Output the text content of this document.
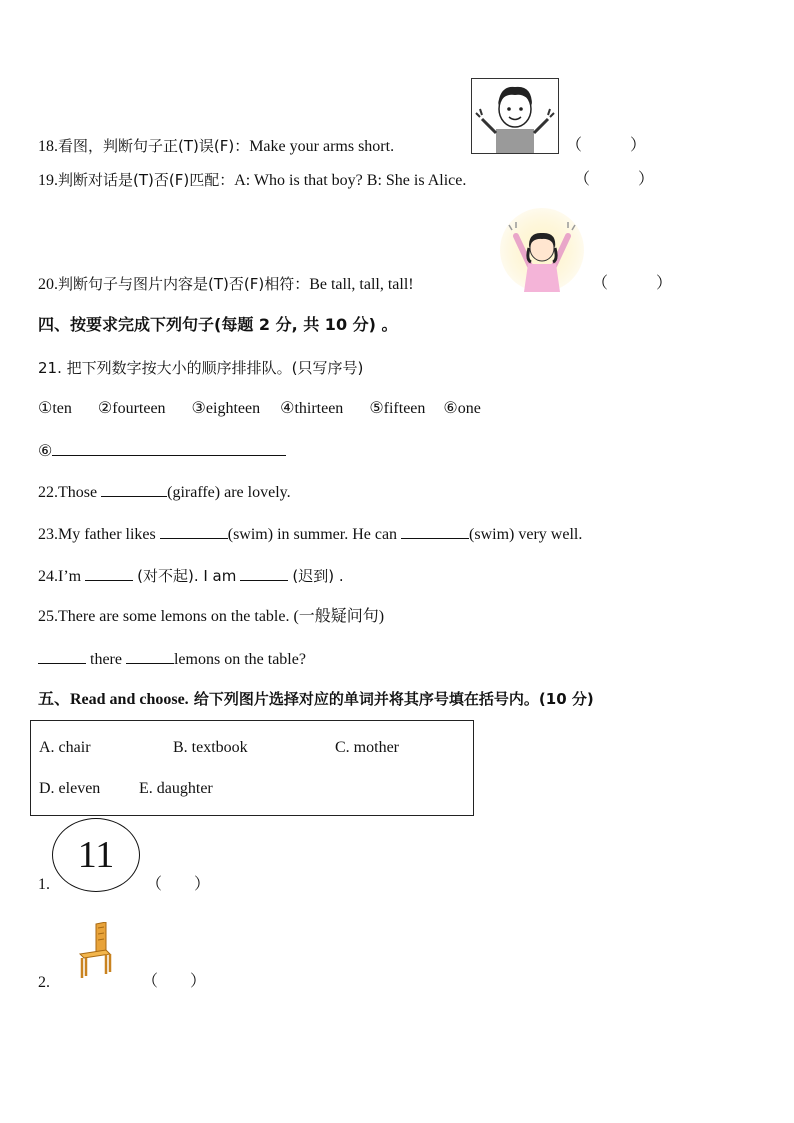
18.看图，判断句子正(T)误(F)：Make your arms short.	（　　　）
19.判断对话是(T)否(F)匹配：A: Who is that boy? B: She is Alice.	（　　　）
20.判断句子与图片内容是(T)否(F)相符：Be tall, tall, tall!	（　　　）
四、按要求完成下列句子(每题 2 分, 共 10 分) 。
21. 把下列数字按大小的顺序排排队。(只写序号)
①ten ②fourteen ③eighteen ④thirteen ⑤fifteen ⑥one
⑥
22.Those	(giraffe) are lovely.
23.My father likes	(swim) in summer. He can	(swim) very well.
24.I’m	(对不起). I am	(迟到) .
25.There are some lemons on the table. (一般疑问句)
there	lemons on the table?
五、Read and choose. 给下列图片选择对应的单词并将其序号填在括号内。(10 分)
A. chair	B. textbook	C. mother
D. eleven E. daughter
11
1.	（　　）
2.	（　　）
